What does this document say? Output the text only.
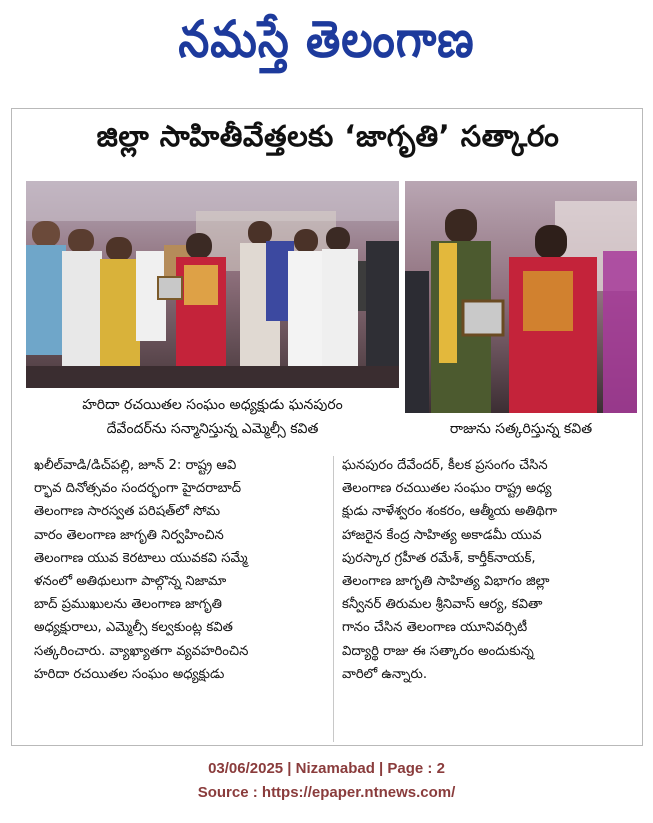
నమస్తే తెలంగాణ
జిల్లా సాహితీవేత్తలకు ‘జాగృతి’ సత్కారం
హరిదా రచయితల సంఘం అధ్యక్షుడు ఘనపురం
దేవేందర్‌ను సన్మానిస్తున్న ఎమ్మెల్సీ కవిత	రాజును సత్కరిస్తున్న కవిత
ఖలీల్‌వాడి/డిచ్‌పల్లి, జూన్ 2: రాష్ట్ర ఆవి
ర్భావ దినోత్సవం సందర్భంగా హైదరాబాద్
తెలంగాణ సారస్వత పరిషత్‌లో సోమ
వారం తెలంగాణ జాగృతి నిర్వహించిన
తెలంగాణ యువ కెరటాలు యువకవి సమ్మే
ళనంలో అతిథులుగా పాల్గొన్న నిజామా
బాద్ ప్రముఖులను తెలంగాణ జాగృతి
అధ్యక్షురాలు, ఎమ్మెల్సీ కల్వకుంట్ల కవిత
సత్కరించారు. వ్యాఖ్యాతగా వ్యవహరించిన
హరిదా రచయితల సంఘం అధ్యక్షుడు
ఘనపురం దేవేందర్, కీలక ప్రసంగం చేసిన
తెలంగాణ రచయితల సంఘం రాష్ట్ర అధ్య
క్షుడు నాళేశ్వరం శంకరం, ఆత్మీయ అతిథిగా
హాజరైన కేంద్ర సాహిత్య అకాడమీ యువ
పురస్కార గ్రహీత రమేశ్, కార్తీక్‌నాయక్,
తెలంగాణ జాగృతి సాహిత్య విభాగం జిల్లా
కన్వీనర్ తిరుమల శ్రీనివాస్ ఆర్య, కవితా
గానం చేసిన తెలంగాణ యూనివర్సిటీ
విద్యార్థి రాజు ఈ సత్కారం అందుకున్న
వారిలో ఉన్నారు.
03/06/2025 | Nizamabad | Page : 2
Source : https://epaper.ntnews.com/
